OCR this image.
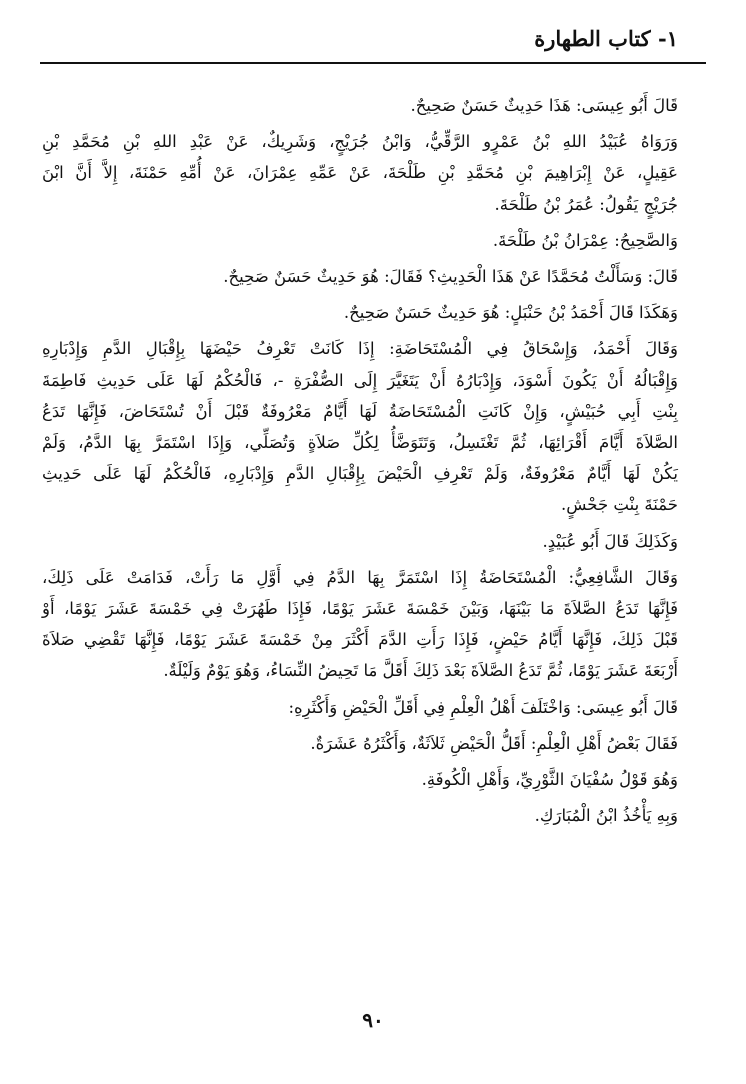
١- كتاب الطهارة
قَالَ أَبُو عِيسَى: هَذَا حَدِيثٌ حَسَنٌ صَحِيحٌ.
وَرَوَاهُ عُبَيْدُ اللهِ بْنُ عَمْرٍو الرَّقِّيُّ، وَابْنُ جُرَيْجٍ، وَشَرِيكٌ، عَنْ عَبْدِ اللهِ بْنِ مُحَمَّدِ بْنِ
عَقِيلٍ، عَنْ إِبْرَاهِيمَ بْنِ مُحَمَّدِ بْنِ طَلْحَةَ، عَنْ عَمِّهِ عِمْرَانَ، عَنْ أُمِّهِ حَمْنَةَ، إِلاَّ أَنَّ ابْنَ
جُرَيْجٍ يَقُولُ: عُمَرُ بْنُ طَلْحَةَ.
وَالصَّحِيحُ: عِمْرَانُ بْنُ طَلْحَةَ.
قَالَ: وَسَأَلْتُ مُحَمَّدًا عَنْ هَذَا الْحَدِيثِ؟ فَقَالَ: هُوَ حَدِيثٌ حَسَنٌ صَحِيحٌ.
وَهَكَذَا قَالَ أَحْمَدُ بْنُ حَنْبَلٍ: هُوَ حَدِيثٌ حَسَنٌ صَحِيحٌ.
وَقَالَ أَحْمَدُ، وَإِسْحَاقُ فِي الْمُسْتَحَاضَةِ: إِذَا كَانَتْ تَعْرِفُ حَيْضَهَا بِإِقْبَالِ الدَّمِ وَإِدْبَارِهِ
وَإِقْبَالُهُ أَنْ يَكُونَ أَسْوَدَ، وَإِدْبَارُهُ أَنْ يَتَغَيَّرَ إِلَى الصُّفْرَةِ -، فَالْحُكْمُ لَهَا عَلَى حَدِيثِ فَاطِمَةَ
بِنْتِ أَبِي حُبَيْشٍ، وَإِنْ كَانَتِ الْمُسْتَحَاضَةُ لَهَا أَيَّامٌ مَعْرُوفَةٌ قَبْلَ أَنْ تُسْتَحَاضَ، فَإِنَّهَا تَدَعُ
الصَّلاَةَ أَيَّامَ أَقْرَائِهَا، ثُمَّ تَغْتَسِلُ، وَتَتَوَضَّأُ لِكُلِّ صَلاَةٍ وَتُصَلِّي، وَإِذَا اسْتَمَرَّ بِهَا الدَّمُ، وَلَمْ
يَكُنْ لَهَا أَيَّامٌ مَعْرُوفَةٌ، وَلَمْ تَعْرِفِ الْحَيْضَ بِإِقْبَالِ الدَّمِ وَإِدْبَارِهِ، فَالْحُكْمُ لَهَا عَلَى حَدِيثِ
حَمْنَةَ بِنْتِ جَحْشٍ.
وَكَذَلِكَ قَالَ أَبُو عُبَيْدٍ.
وَقَالَ الشَّافِعِيُّ: الْمُسْتَحَاضَةُ إِذَا اسْتَمَرَّ بِهَا الدَّمُ فِي أَوَّلِ مَا رَأَتْ، فَدَامَتْ عَلَى ذَلِكَ،
فَإِنَّهَا تَدَعُ الصَّلاَةَ مَا بَيْنَهَا، وَبَيْنَ خَمْسَةَ عَشَرَ يَوْمًا، فَإِذَا طَهُرَتْ فِي خَمْسَةَ عَشَرَ يَوْمًا، أَوْ
قَبْلَ ذَلِكَ، فَإِنَّهَا أَيَّامُ حَيْضٍ، فَإِذَا رَأَتِ الدَّمَ أَكْثَرَ مِنْ خَمْسَةَ عَشَرَ يَوْمًا، فَإِنَّهَا تَقْضِي صَلاَةَ
أَرْبَعَةَ عَشَرَ يَوْمًا، ثُمَّ تَدَعُ الصَّلاَةَ بَعْدَ ذَلِكَ أَقَلَّ مَا تَحِيضُ النِّسَاءُ، وَهُوَ يَوْمٌ وَلَيْلَةٌ.
قَالَ أَبُو عِيسَى: وَاخْتَلَفَ أَهْلُ الْعِلْمِ فِي أَقَلِّ الْحَيْضِ وَأَكْثَرِهِ:
فَقَالَ بَعْضُ أَهْلِ الْعِلْمِ: أَقَلُّ الْحَيْضِ ثَلاَثَةٌ، وَأَكْثَرُهُ عَشَرَةٌ.
وَهُوَ قَوْلُ سُفْيَانَ الثَّوْرِيِّ، وَأَهْلِ الْكُوفَةِ.
وَبِهِ يَأْخُذُ ابْنُ الْمُبَارَكِ.
٩٠
